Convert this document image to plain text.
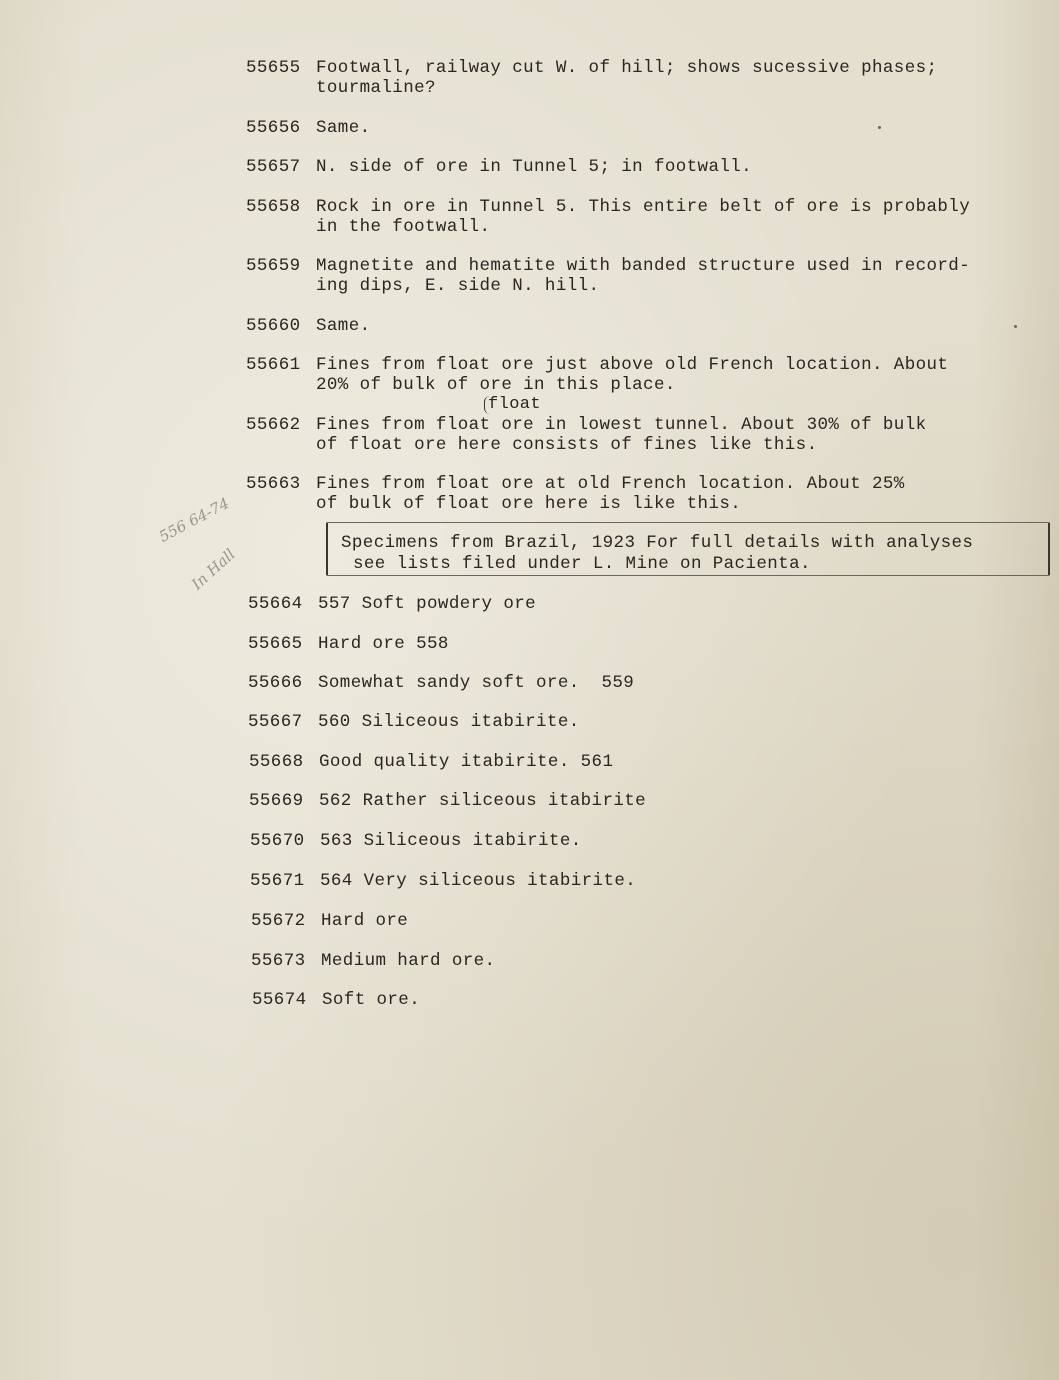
55655

Footwall, railway cut W. of hill; shows sucessive phases;

tourmaline?

55656

Same.

55657

N. side of ore in Tunnel 5; in footwall.

55658

Rock in ore in Tunnel 5. This entire belt of ore is probably

in the footwall.

55659

Magnetite and hematite with banded structure used in record-

ing dips, E. side N. hill.

55660

Same.

55661

Fines from float ore just above old French location. About

20% of bulk of ore in this place.

float

55662

Fines from float ore in lowest tunnel. About 30% of bulk

of float ore here consists of fines like this.

55663

Fines from float ore at old French location. About 25%

of bulk of float ore here is like this.

Specimens from Brazil, 1923 For full details with analyses
see lists filed under L. Mine on Pacienta.
556 64-74
In Hall

55664

557 Soft powdery ore

55665

Hard ore 558

55666

Somewhat sandy soft ore.  559

55667

560 Siliceous itabirite.

55668

Good quality itabirite. 561

55669

562 Rather siliceous itabirite

55670

563 Siliceous itabirite.

55671

564 Very siliceous itabirite.

55672

Hard ore

55673

Medium hard ore.

55674

Soft ore.
